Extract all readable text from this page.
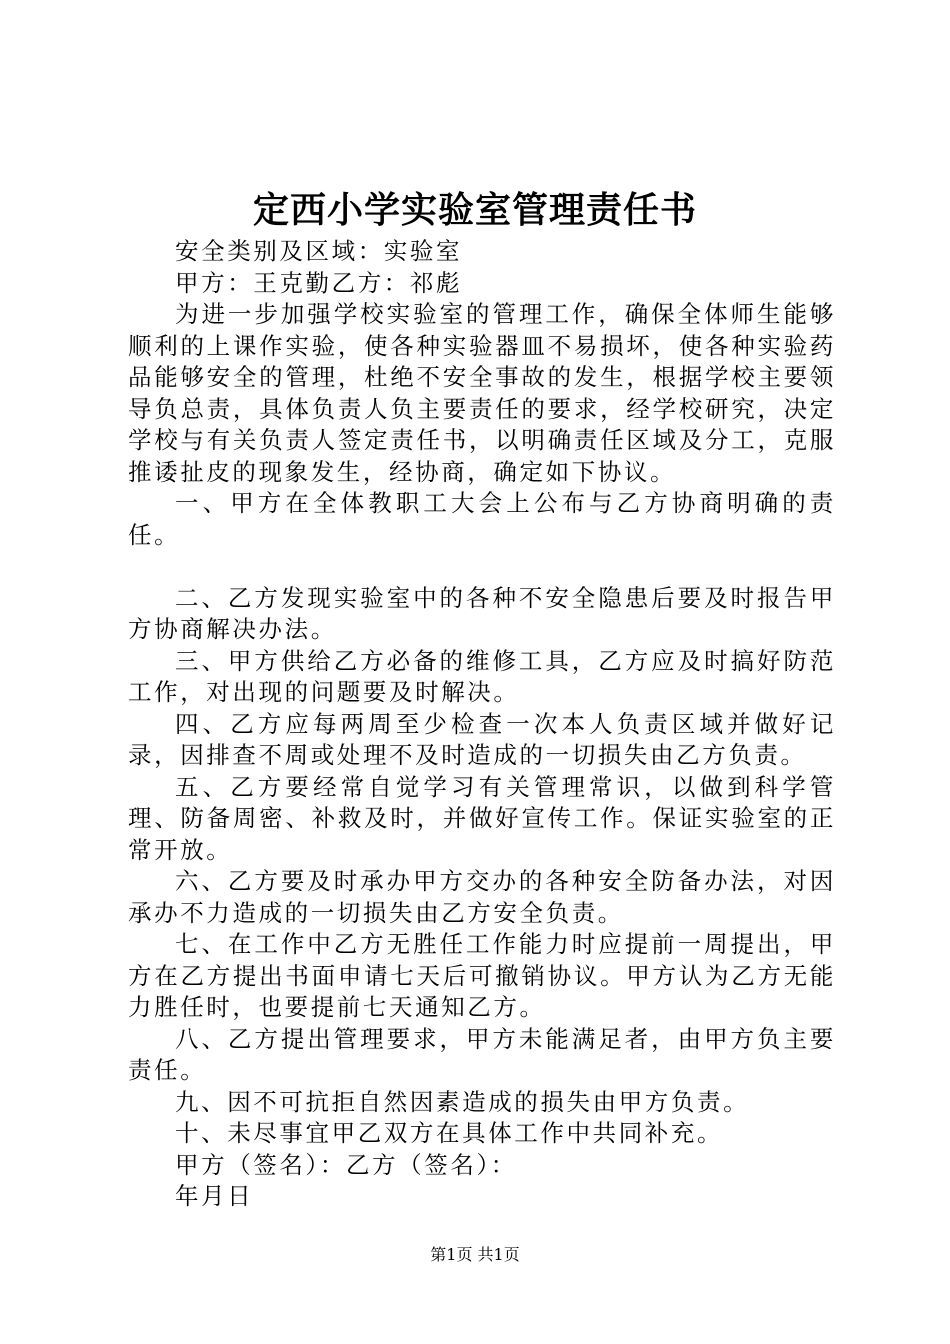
定西小学实验室管理责任书

安全类别及区域：实验室

甲方：王克勤乙方：祁彪

为进一步加强学校实验室的管理工作，确保全体师生能够顺利的上课作实验，使各种实验器皿不易损坏，使各种实验药品能够安全的管理，杜绝不安全事故的发生，根据学校主要领导负总责，具体负责人负主要责任的要求，经学校研究，决定学校与有关负责人签定责任书，以明确责任区域及分工，克服推诿扯皮的现象发生，经协商，确定如下协议。

一、甲方在全体教职工大会上公布与乙方协商明确的责任。

二、乙方发现实验室中的各种不安全隐患后要及时报告甲方协商解决办法。

三、甲方供给乙方必备的维修工具，乙方应及时搞好防范工作，对出现的问题要及时解决。

四、乙方应每两周至少检查一次本人负责区域并做好记录，因排查不周或处理不及时造成的一切损失由乙方负责。

五、乙方要经常自觉学习有关管理常识，以做到科学管理、防备周密、补救及时，并做好宣传工作。保证实验室的正常开放。

六、乙方要及时承办甲方交办的各种安全防备办法，对因承办不力造成的一切损失由乙方安全负责。

七、在工作中乙方无胜任工作能力时应提前一周提出，甲方在乙方提出书面申请七天后可撤销协议。甲方认为乙方无能力胜任时，也要提前七天通知乙方。

八、乙方提出管理要求，甲方未能满足者，由甲方负主要责任。

九、因不可抗拒自然因素造成的损失由甲方负责。

十、未尽事宜甲乙双方在具体工作中共同补充。

甲方（签名）：乙方（签名）：

年月日

第1页 共1页
